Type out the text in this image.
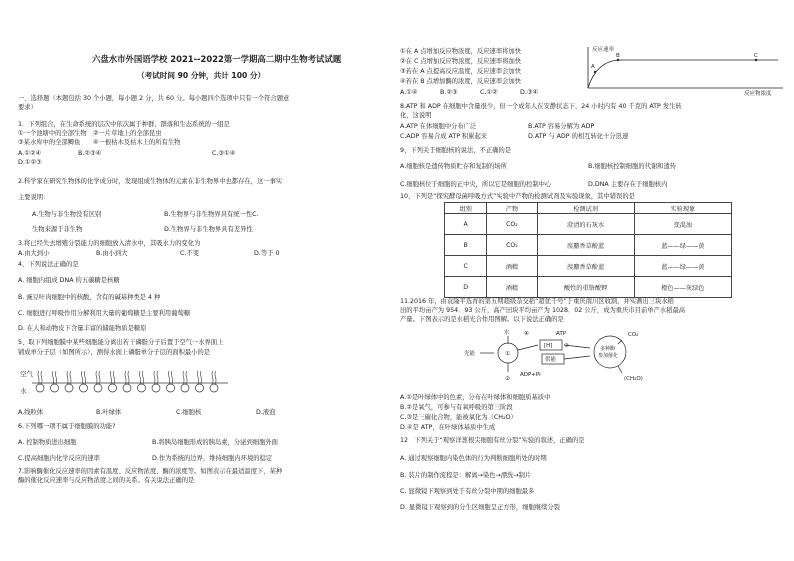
六盘水市外国语学校 2021--2022第一学期高二期中生物考试试题
（考试时间 90 分钟，共计 100 分）
一、选择题（本题包括 30 个小题，每小题 2 分，共 60 分。每小题四个选项中只有一个符合题意
要求）
1．下列组合，在生命系统的层次中依次属于种群、群落和生态系统的一组是
①一个池塘中的全部生物　②一片草地上的全部昆虫
③某水库中的全部鲫鱼　　④一根枯木及枯木上的所有生物
A.①②④	B.②③④	C.③①④
D.①②③
2.科学家在研究生物体的化学成分时，发现组成生物体的元素在非生物界中也都存在，这一事实
主要说明：
A.生物与非生物没有区别	B.生物界与非生物界具有统一性C.
生物来源于非生物	D.生物界与非生物界具有差异性
3.将已经失去增殖分裂能力的细胞放入清水中，其吸水力的变化为
A.由大到小	B.由小到大	C.不变	D.等于 0
4、下列说法正确的是
A. 细胞内组成 DNA 的五碳糖是核糖
B. 豌豆叶肉细胞中的核酸，含有的碱基种类是 4 种
C. 细胞进行呼吸作用分解利用大量的葡萄糖是主要利用葡萄糖
D. 在人和动物皮下含量丰富的储能物质是糖原
5、取下列细胞膜中某些细胞能分离出若干磷脂分子后置于空气一水界面上
铺成单分子层（如图所示），测得水面上磷脂单分子层的面积最小的是
空气
水
A.线粒体	B.叶绿体	C.细胞核	D.液泡
6.下列哪一项不属于细胞膜的功能?
A. 控制物质进出细胞	B.将胰岛细胞形成的胰岛素，分泌到细胞外面
C.提高细胞内化学反应的速率	D.作为系统的边界，维持细胞内环境的稳定
7.影响酶催化反应速率的因素有温度、反应物浓度、酶的浓度等。如图表示在最适温度下，某种
酶的催化反应速率与反应物浓度之间的关系。有关说法正确的是
①在 A 点增加反应物浓度，反应速率将加快
②在 C 点增加反应物浓度，反应速率将加快
③若在 A 点提高反应温度，反应速率会加快
④若在 B 点增加酶的浓度，反应速率会加快
A.①④	B.②③	C.①②	D.③④
反应速率
反应物浓度
A
B	C
8.ATP 和 ADP 在细胞中含量很少，但一个成年人在安静状态下，24 小时内有 40 千克的 ATP 发生转
化，这说明
A.ATP 在体细胞中分布广泛	B.ATP 容易分解为 ADP
C.ADP 容易合成 ATP 积累起来	D.ATP 与 ADP 的相互转化十分迅速
9、下列关于细胞核的说法，不正确的是
A.细胞核是遗传物质贮存和复制的场所	B.细胞核控制细胞的代谢和遗传
C.细胞核位于细胞的正中央，所以它是细胞的控制中心	D.DNA 主要存在于细胞核内
10、下列是“探究酵母菌呼吸方式”实验中产物的检测试剂及实验现象，其中错误的是
组别	产物	检测试剂	实验现象
A	CO₂	澄清的石灰水	变混浊
B	CO₂	溴麝香草酚蓝	蓝——绿——黄
C	酒精	溴麝香草酚蓝	蓝——绿——黄
D	酒精	酸性的重铬酸钾	橙色——灰绿色
11.2016 年，由袁隆平选育的第五期超级杂交稻“超优千号”于重庆南川区收割，并实测出三块水稻
田的平均亩产为 954．93 公斤，高产田块平均亩产为 1028．02 公斤，成为重庆市目前单产水稻最高
产量。下图表示的是水稻光合作用图解。以下说法正确的是
光能
水
①
②
[H] ③
供能
④	ATP
ADP+Pi
多种酶
参加催化
CO₂
(CH₂O)
A.①是叶绿体中的色素，分布在叶绿体和细胞质基质中
B.②是氧气，可参与有氧呼吸的第三阶段
C.③是三碳化合物，能被氧化为（CH₂O）
D.④是 ATP，在叶绿体基质中生成
12　下列关于“观察洋葱根尖细胞有丝分裂”实验的叙述，正确的是
A. 通过观察细胞内染色体的行为判断细胞所处的时期
B. 装片的制作流程是：解离→染色→漂洗→制片
C. 显微镜下观察到处于有丝分裂中期的细胞最多
D. 显微镜下观察到的分生区细胞呈正方形，细胞继续分裂
